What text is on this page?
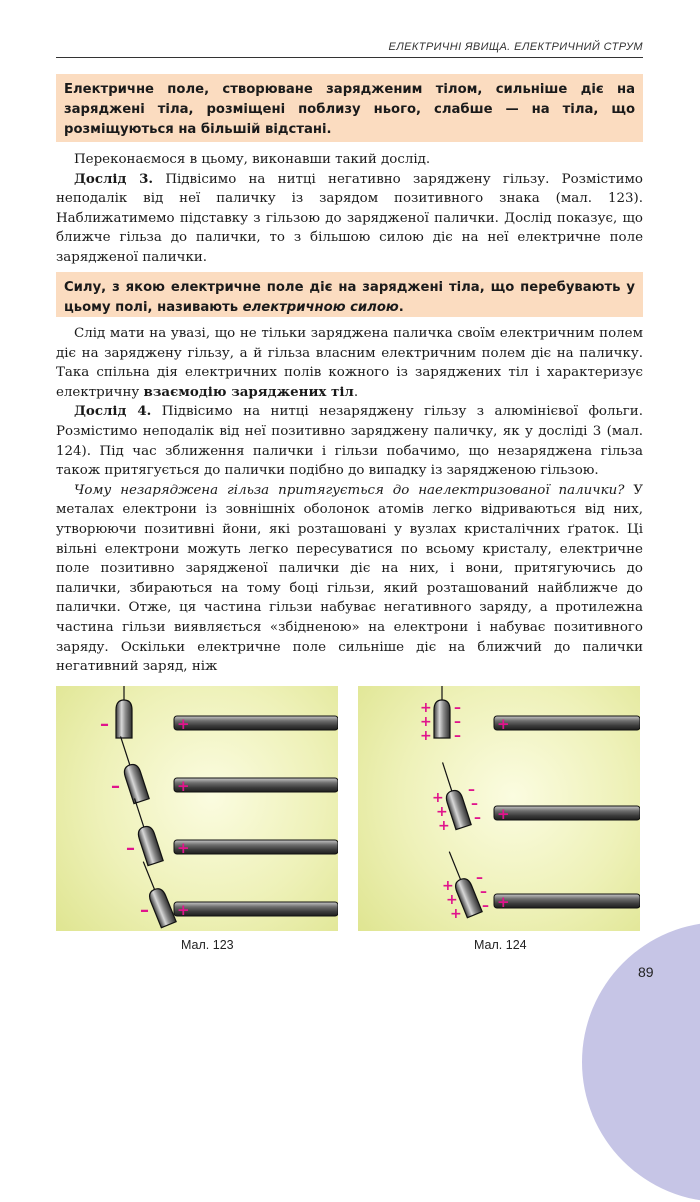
ЕЛЕКТРИЧНІ ЯВИЩА. ЕЛЕКТРИЧНИЙ СТРУМ
Електричне поле, створюване зарядженим тілом, сильніше діє на заряджені тіла, розміщені поблизу нього, слабше — на тіла, що розміщуються на більшій відстані.

Переконаємося в цьому, виконавши такий дослід.

Дослід 3. Підвісимо на нитці негативно заряджену гільзу. Розмістимо неподалік від неї паличку із зарядом позитивного знака (мал. 123). Наближатимемо підставку з гільзою до зарядженої палички. Дослід показує, що ближче гільза до палички, то з більшою силою діє на неї електричне поле зарядженої палички.

Силу, з якою електричне поле діє на заряджені тіла, що перебувають у цьому полі, називають електричною силою.

Слід мати на увазі, що не тільки заряджена паличка своїм електричним полем діє на заряджену гільзу, а й гільза власним електричним полем діє на паличку. Така спільна дія електричних полів кожного із заряджених тіл і характеризує електричну взаємодію заряджених тіл.

Дослід 4. Підвісимо на нитці незаряджену гільзу з алюмінієвої фольги. Розмістимо неподалік від неї позитивно заряджену паличку, як у досліді 3 (мал. 124). Під час зближення палички і гільзи побачимо, що незаряджена гільза також притягується до палички подібно до випадку із зарядженою гільзою.

Чому незаряджена гільза притягується до наелектризованої палички? У металах електрони із зовнішніх оболонок атомів легко відриваються від них, утворюючи позитивні йони, які розташовані у вузлах кристалічних ґраток. Ці вільні електрони можуть легко пересуватися по всьому кристалу, електричне поле позитивно зарядженої палички діє на них, і вони, притягуючись до палички, збираються на тому боці гільзи, який розташований найближче до палички. Отже, ця частина гільзи набуває негативного заряду, а протилежна частина гільзи виявляється «збіднeною» на електрони і набуває позитивного заряду. Оскільки електричне поле сильніше діє на ближчий до палички негативний заряд, ніж

+
+
+
+
–
–
–
–
+
+
+
+
+
+
–
–
–
+
+
+
–
–
–
+
+
+
–
–
–
Мал. 123	Мал. 124
89
